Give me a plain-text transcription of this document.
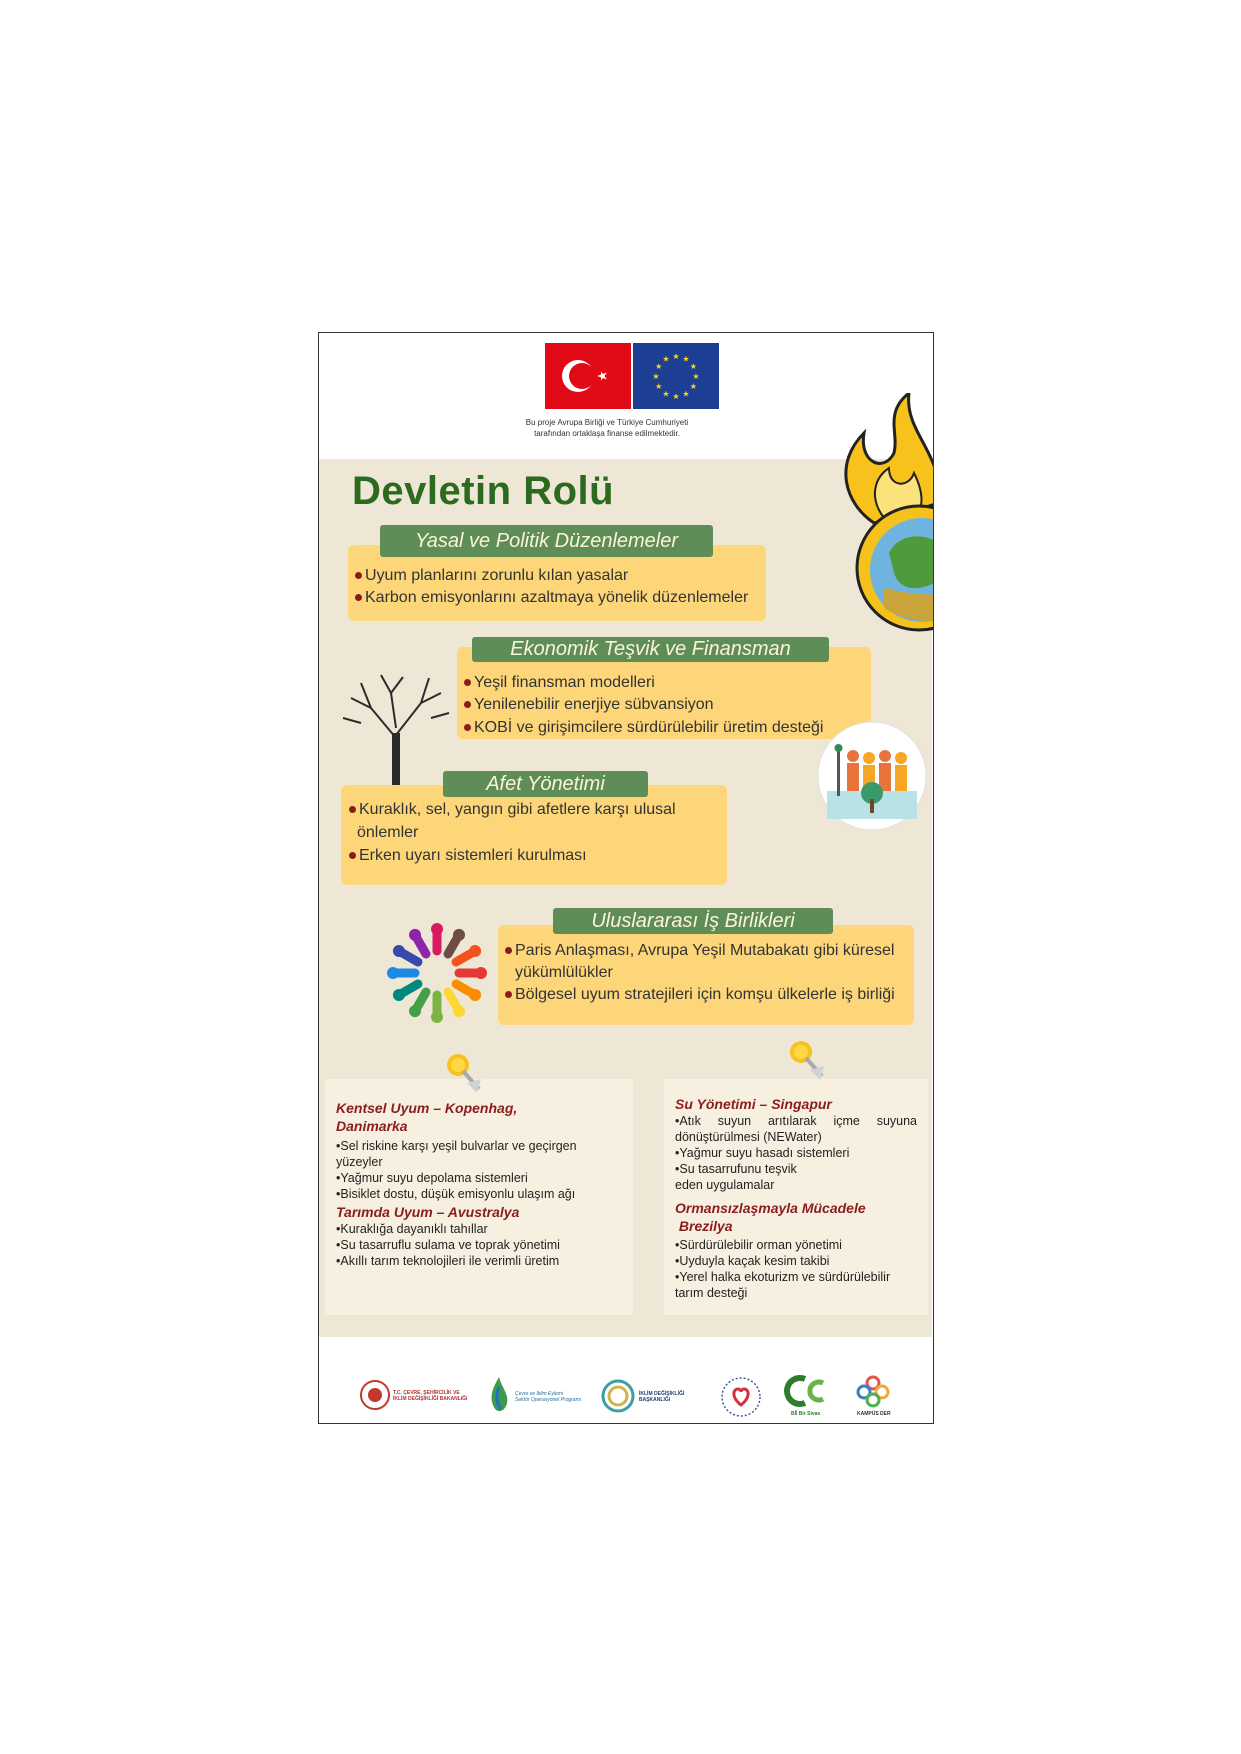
★ ★
★
★
★
★
★
★
★
★
★
★
Bu proje Avrupa Birliği ve Türkiye Cumhuriyeti
tarafından ortaklaşa finanse edilmektedir.
Devletin Rolü
Yasal ve Politik Düzenlemeler
Uyum planlarını zorunlu kılan yasalar
Karbon emisyonlarını azaltmaya yönelik düzenlemeler
Ekonomik Teşvik ve Finansman
Yeşil finansman modelleri
Yenilenebilir enerjiye sübvansiyon
KOBİ ve girişimcilere sürdürülebilir üretim desteği
Afet Yönetimi
Kuraklık, sel, yangın gibi afetlere karşı ulusal
önlemler
Erken uyarı sistemleri kurulması
Uluslararası İş Birlikleri
Paris Anlaşması, Avrupa Yeşil Mutabakatı gibi küresel
yükümlülükler
Bölgesel uyum stratejileri için komşu ülkelerle iş birliği
Kentsel Uyum – Kopenhag,
Danimarka
•Sel riskine karşı yeşil bulvarlar ve geçirgen
yüzeyler
•Yağmur suyu depolama sistemleri
•Bisiklet dostu, düşük emisyonlu ulaşım ağı
Tarımda Uyum – Avustralya
•Kuraklığa dayanıklı tahıllar
•Su tasarruflu sulama ve toprak yönetimi
•Akıllı tarım teknolojileri ile verimli üretim
Su Yönetimi – Singapur
•Atık suyun arıtılarak içme suyuna
dönüştürülmesi (NEWater)
•Yağmur suyu hasadı sistemleri
•Su tasarrufunu teşvik
eden uygulamalar
Ormansızlaşmayla Mücadele
Brezilya
•Sürdürülebilir orman yönetimi
•Uyduyla kaçak kesim takibi
•Yerel halka ekoturizm ve sürdürülebilir
tarım desteği
T.C. ÇEVRE, ŞEHİRCİLİK VE
İKLİM DEĞİŞİKLİĞİ BAKANLIĞI
Çevre ve İklim Eylemi
Sektör Operasyonel Programı
İKLİM DEĞİŞİKLİĞİ
BAŞKANLIĞI
Bİİ Bir Sivas	KAMPÜS DER
